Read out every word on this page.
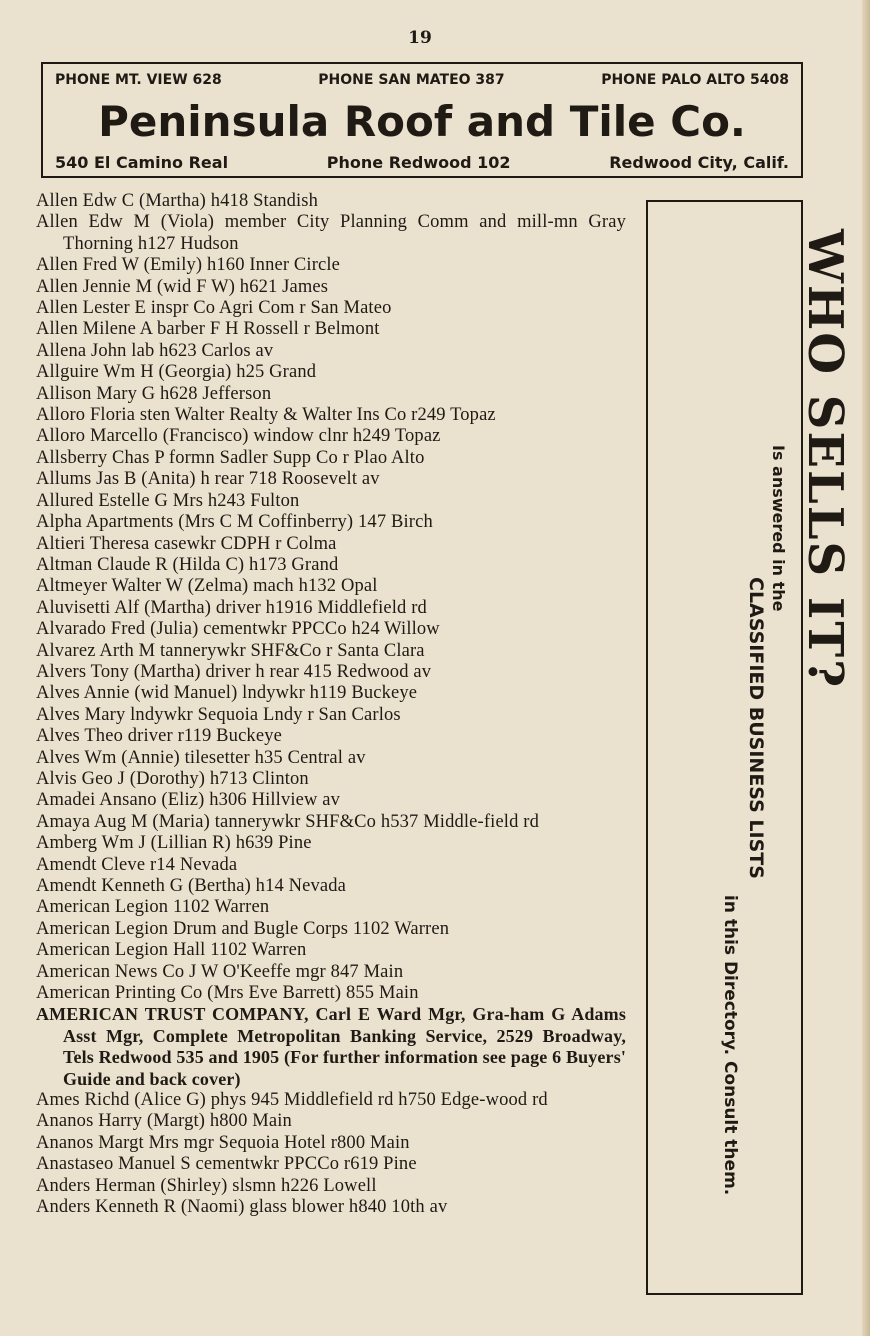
19
PHONE MT. VIEW 628	PHONE SAN MATEO 387	PHONE PALO ALTO 5408
Peninsula Roof and Tile Co.
540 El Camino Real	Phone Redwood 102	Redwood City, Calif.
Allen Edw C (Martha) h418 Standish
Allen Edw M (Viola) member City Planning Comm and mill-mn Gray Thorning h127 Hudson
Allen Fred W (Emily) h160 Inner Circle
Allen Jennie M (wid F W) h621 James
Allen Lester E inspr Co Agri Com r San Mateo
Allen Milene A barber F H Rossell r Belmont
Allena John lab h623 Carlos av
Allguire Wm H (Georgia) h25 Grand
Allison Mary G h628 Jefferson
Alloro Floria sten Walter Realty & Walter Ins Co r249 Topaz
Alloro Marcello (Francisco) window clnr h249 Topaz
Allsberry Chas P formn Sadler Supp Co r Plao Alto
Allums Jas B (Anita) h rear 718 Roosevelt av
Allured Estelle G Mrs h243 Fulton
Alpha Apartments (Mrs C M Coffinberry) 147 Birch
Altieri Theresa casewkr CDPH r Colma
Altman Claude R (Hilda C) h173 Grand
Altmeyer Walter W (Zelma) mach h132 Opal
Aluvisetti Alf (Martha) driver h1916 Middlefield rd
Alvarado Fred (Julia) cementwkr PPCCo h24 Willow
Alvarez Arth M tannerywkr SHF&Co r Santa Clara
Alvers Tony (Martha) driver h rear 415 Redwood av
Alves Annie (wid Manuel) lndywkr h119 Buckeye
Alves Mary lndywkr Sequoia Lndy r San Carlos
Alves Theo driver r119 Buckeye
Alves Wm (Annie) tilesetter h35 Central av
Alvis Geo J (Dorothy) h713 Clinton
Amadei Ansano (Eliz) h306 Hillview av
Amaya Aug M (Maria) tannerywkr SHF&Co h537 Middle-field rd
Amberg Wm J (Lillian R) h639 Pine
Amendt Cleve r14 Nevada
Amendt Kenneth G (Bertha) h14 Nevada
American Legion 1102 Warren
American Legion Drum and Bugle Corps 1102 Warren
American Legion Hall 1102 Warren
American News Co J W O'Keeffe mgr 847 Main
American Printing Co (Mrs Eve Barrett) 855 Main
AMERICAN TRUST COMPANY, Carl E Ward Mgr, Gra-ham G Adams Asst Mgr, Complete Metropolitan Banking Service, 2529 Broadway, Tels Redwood 535 and 1905 (For further information see page 6 Buyers' Guide and back cover)
Ames Richd (Alice G) phys 945 Middlefield rd h750 Edge-wood rd
Ananos Harry (Margt) h800 Main
Ananos Margt Mrs mgr Sequoia Hotel r800 Main
Anastaseo Manuel S cementwkr PPCCo r619 Pine
Anders Herman (Shirley) slsmn h226 Lowell
Anders Kenneth R (Naomi) glass blower h840 10th av
WHO SELLS IT?
Is answered in the
CLASSIFIED BUSINESS LISTS
in this Directory. Consult them.
